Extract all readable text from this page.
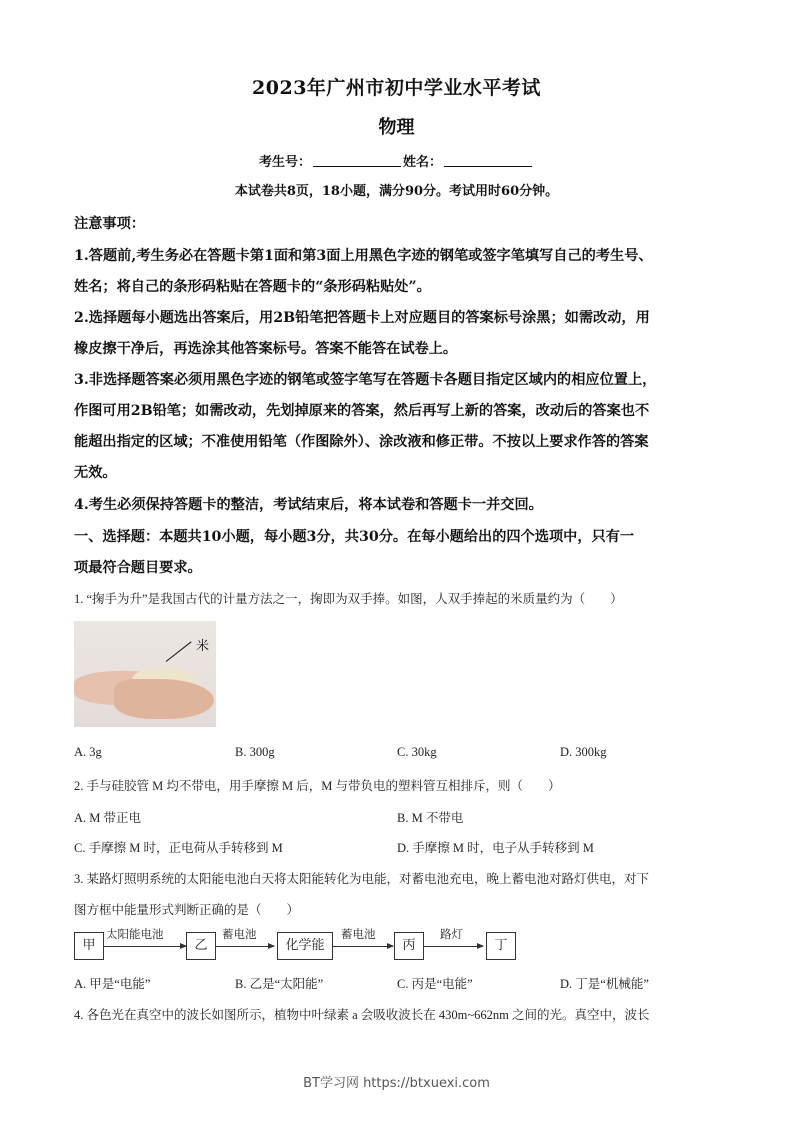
2023年广州市初中学业水平考试
物理
考生号：	姓名：
本试卷共8页，18小题，满分90分。考试用时60分钟。
注意事项：
1.答题前,考生务必在答题卡第1面和第3面上用黑色字迹的钢笔或签字笔填写自己的考生号、
姓名；将自己的条形码粘贴在答题卡的“条形码粘贴处”。
2.选择题每小题选出答案后，用2B铅笔把答题卡上对应题目的答案标号涂黑；如需改动，用
橡皮擦干净后，再选涂其他答案标号。答案不能答在试卷上。
3.非选择题答案必须用黑色字迹的钢笔或签字笔写在答题卡各题目指定区域内的相应位置上，
作图可用2B铅笔；如需改动，先划掉原来的答案，然后再写上新的答案，改动后的答案也不
能超出指定的区域；不准使用铅笔（作图除外）、涂改液和修正带。不按以上要求作答的答案
无效。
4.考生必须保持答题卡的整洁，考试结束后，将本试卷和答题卡一并交回。
一、选择题：本题共10小题，每小题3分，共30分。在每小题给出的四个选项中，只有一
项最符合题目要求。
1. “掬手为升”是我国古代的计量方法之一，掬即为双手捧。如图，人双手捧起的米质量约为（　　）
米
A. 3g	B. 300g	C. 30kg	D. 300kg
2. 手与硅胶管 M 均不带电，用手摩擦 M 后，M 与带负电的塑料管互相排斥，则（　　）
A. M 带正电	B. M 不带电
C. 手摩擦 M 时，正电荷从手转移到 M	D. 手摩擦 M 时，电子从手转移到 M
3. 某路灯照明系统的太阳能电池白天将太阳能转化为电能，对蓄电池充电，晚上蓄电池对路灯供电，对下
图方框中能量形式判断正确的是（　　）
甲
太阳能电池
乙
蓄电池
化学能
蓄电池
丙
路灯
丁
A. 甲是“电能”	B. 乙是“太阳能”	C. 丙是“电能”	D. 丁是“机械能”
4. 各色光在真空中的波长如图所示，植物中叶绿素 a 会吸收波长在 430m~662nm 之间的光。真空中，波长
BT学习网 https://btxuexi.com
